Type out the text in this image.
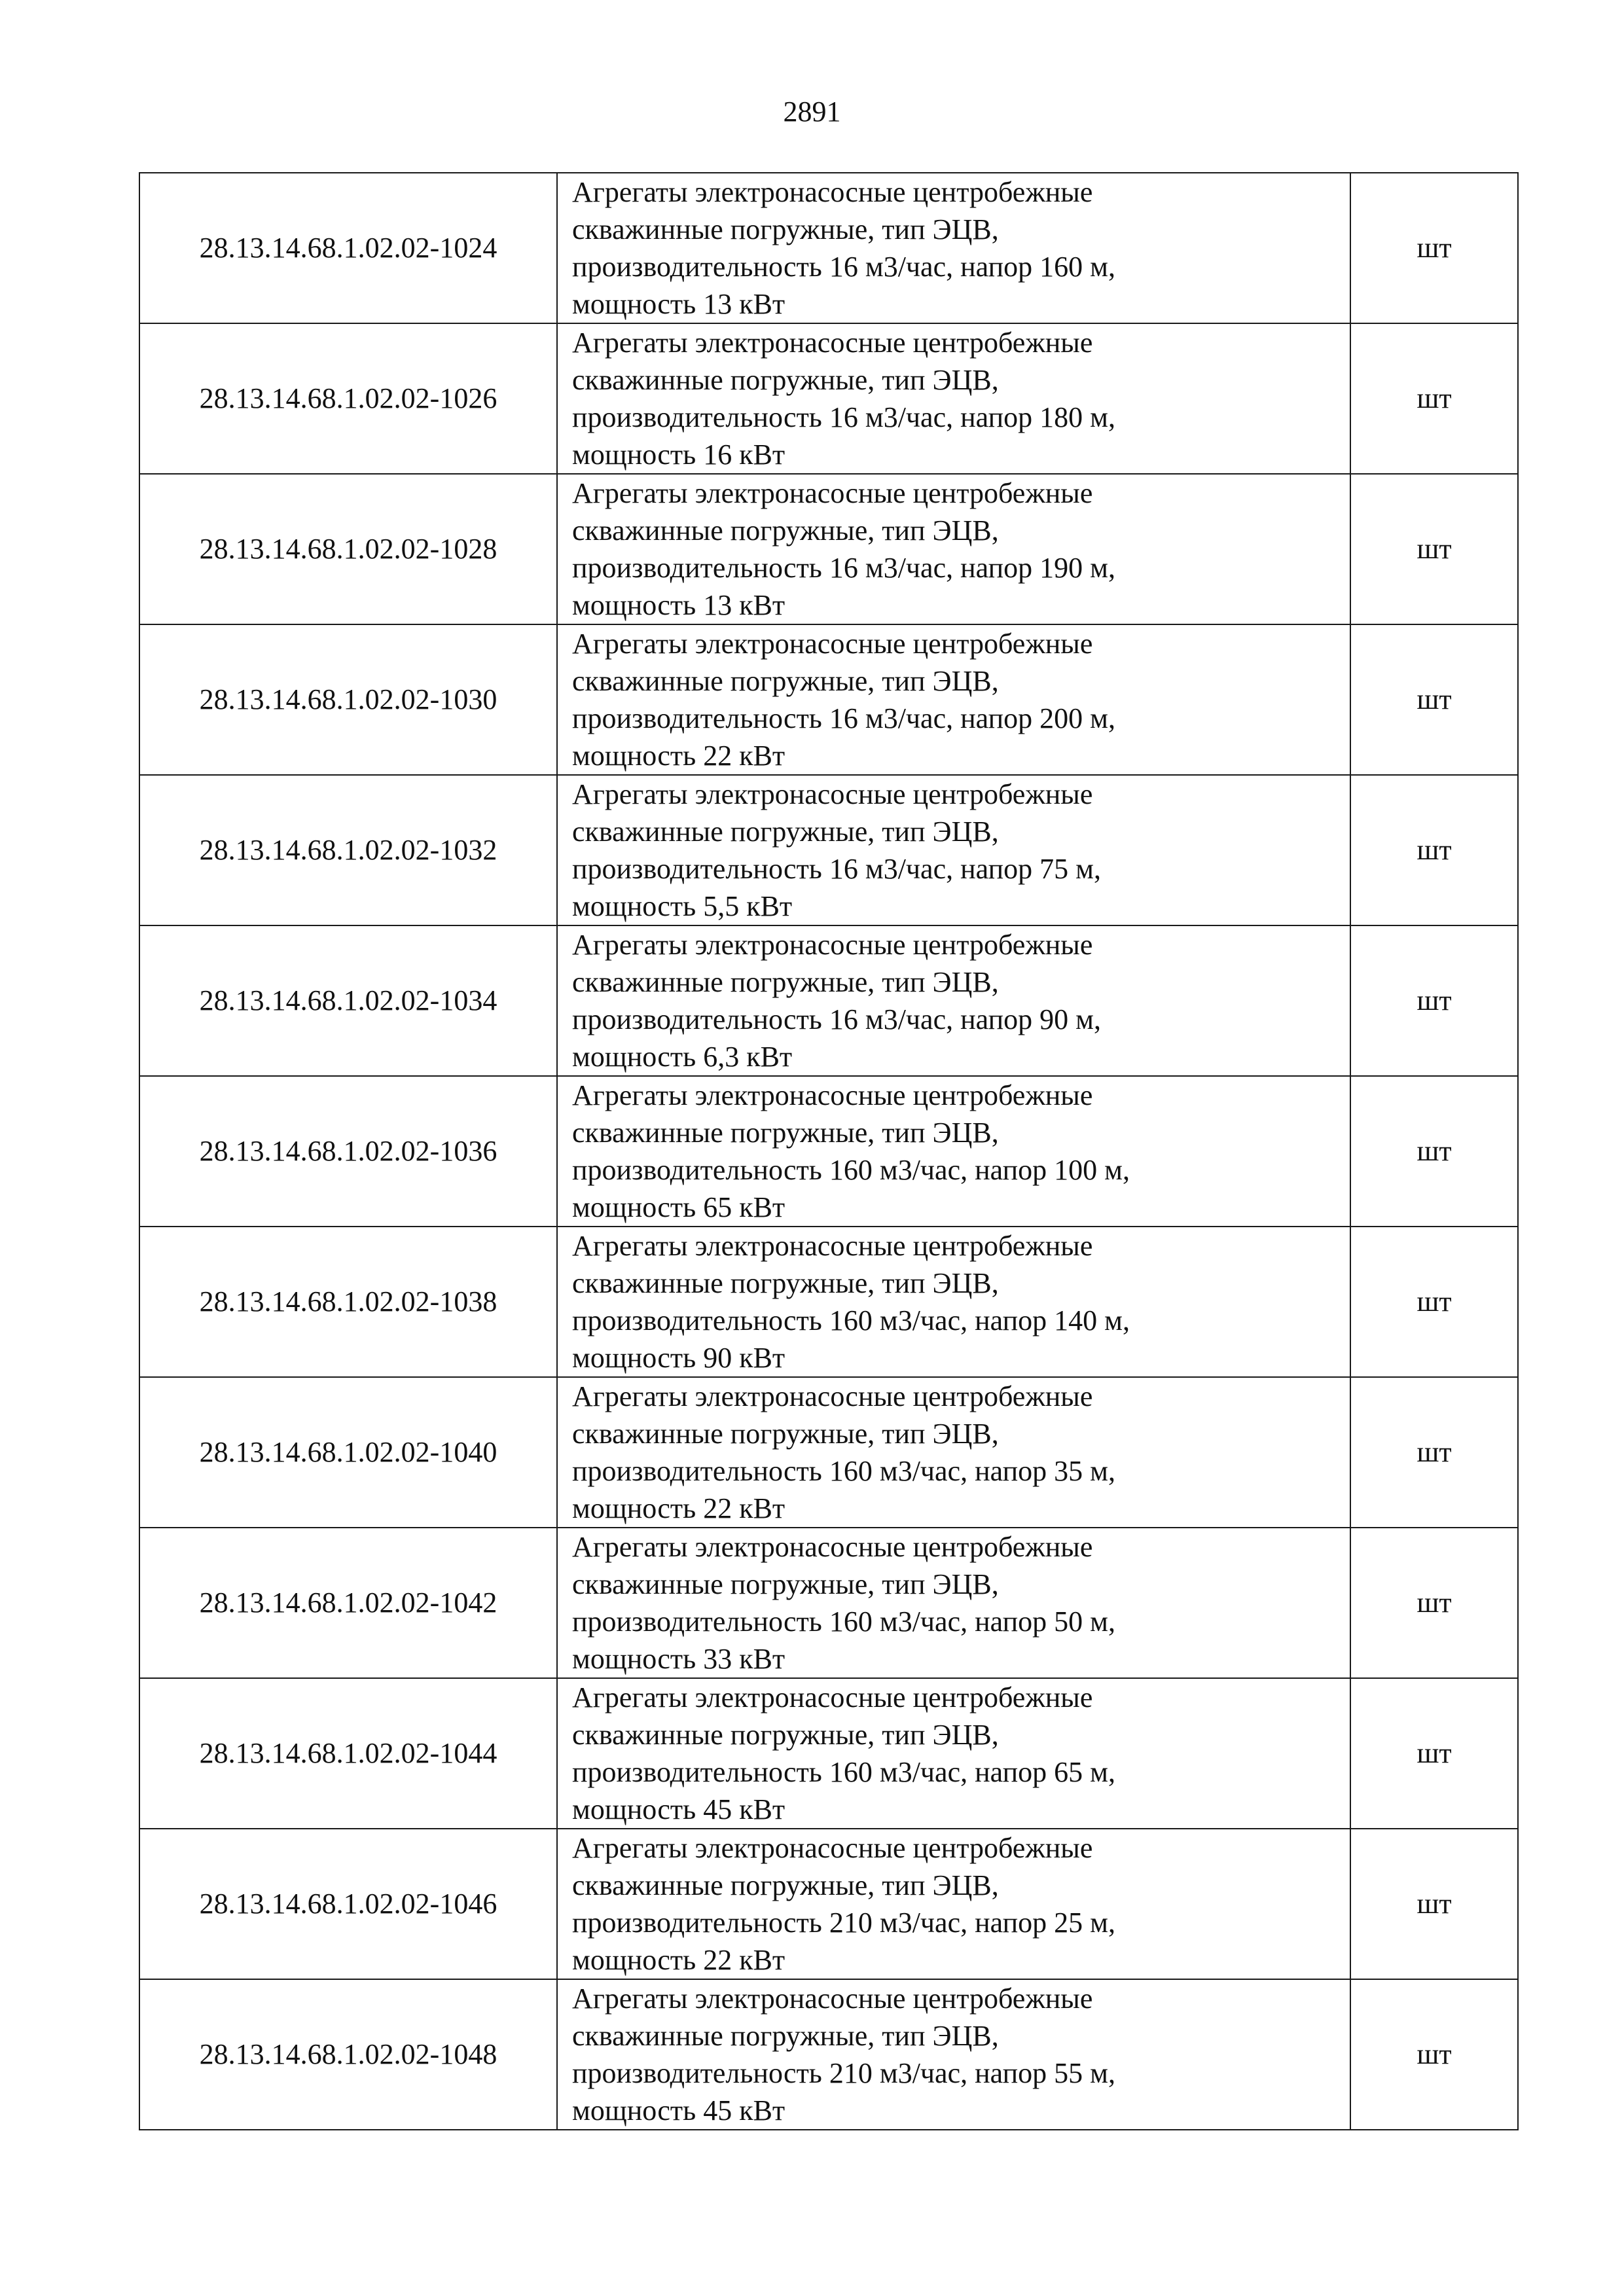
2891
28.13.14.68.1.02.02-1024	Агрегаты электронасосные центробежные
скважинные погружные, тип ЭЦВ,
производительность 16 м3/час, напор 160 м,
мощность 13 кВт	шт
28.13.14.68.1.02.02-1026	Агрегаты электронасосные центробежные
скважинные погружные, тип ЭЦВ,
производительность 16 м3/час, напор 180 м,
мощность 16 кВт	шт
28.13.14.68.1.02.02-1028	Агрегаты электронасосные центробежные
скважинные погружные, тип ЭЦВ,
производительность 16 м3/час, напор 190 м,
мощность 13 кВт	шт
28.13.14.68.1.02.02-1030	Агрегаты электронасосные центробежные
скважинные погружные, тип ЭЦВ,
производительность 16 м3/час, напор 200 м,
мощность 22 кВт	шт
28.13.14.68.1.02.02-1032	Агрегаты электронасосные центробежные
скважинные погружные, тип ЭЦВ,
производительность 16 м3/час, напор 75 м,
мощность 5,5 кВт	шт
28.13.14.68.1.02.02-1034	Агрегаты электронасосные центробежные
скважинные погружные, тип ЭЦВ,
производительность 16 м3/час, напор 90 м,
мощность 6,3 кВт	шт
28.13.14.68.1.02.02-1036	Агрегаты электронасосные центробежные
скважинные погружные, тип ЭЦВ,
производительность 160 м3/час, напор 100 м,
мощность 65 кВт	шт
28.13.14.68.1.02.02-1038	Агрегаты электронасосные центробежные
скважинные погружные, тип ЭЦВ,
производительность 160 м3/час, напор 140 м,
мощность 90 кВт	шт
28.13.14.68.1.02.02-1040	Агрегаты электронасосные центробежные
скважинные погружные, тип ЭЦВ,
производительность 160 м3/час, напор 35 м,
мощность 22 кВт	шт
28.13.14.68.1.02.02-1042	Агрегаты электронасосные центробежные
скважинные погружные, тип ЭЦВ,
производительность 160 м3/час, напор 50 м,
мощность 33 кВт	шт
28.13.14.68.1.02.02-1044	Агрегаты электронасосные центробежные
скважинные погружные, тип ЭЦВ,
производительность 160 м3/час, напор 65 м,
мощность 45 кВт	шт
28.13.14.68.1.02.02-1046	Агрегаты электронасосные центробежные
скважинные погружные, тип ЭЦВ,
производительность 210 м3/час, напор 25 м,
мощность 22 кВт	шт
28.13.14.68.1.02.02-1048	Агрегаты электронасосные центробежные
скважинные погружные, тип ЭЦВ,
производительность 210 м3/час, напор 55 м,
мощность 45 кВт	шт
